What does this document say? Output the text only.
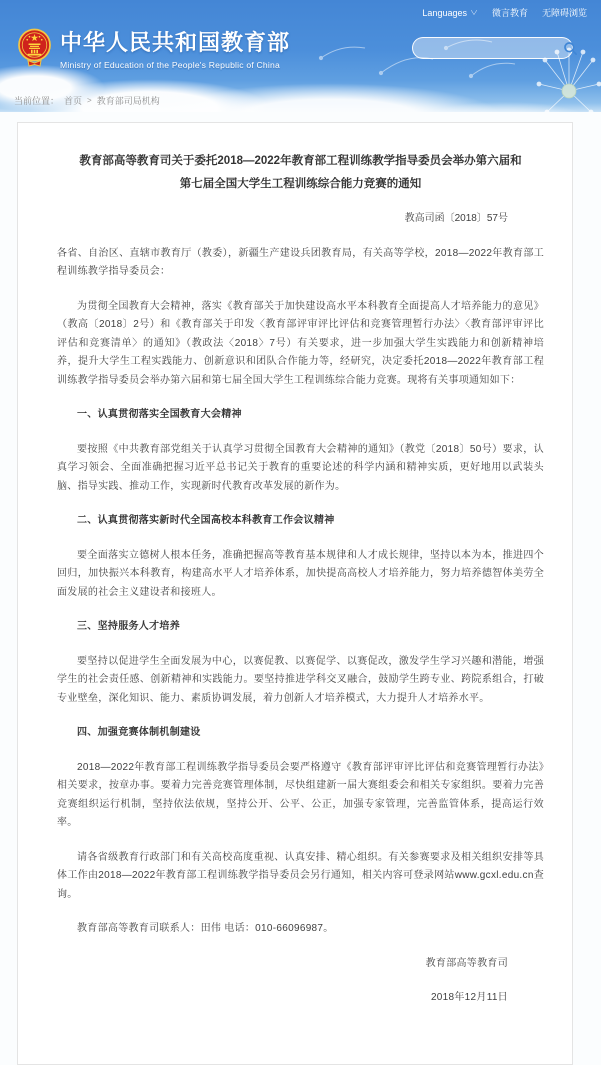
Languages ∨ 微言教育 无障碍浏览
中华人民共和国教育部
Ministry of Education of the People's Republic of China
当前位置： 首页 > 教育部司局机构
教育部高等教育司关于委托2018—2022年教育部工程训练教学指导委员会举办第六届和
第七届全国大学生工程训练综合能力竞赛的通知
教高司函〔2018〕57号

各省、自治区、直辖市教育厅（教委），新疆生产建设兵团教育局，有关高等学校，2018—2022年教育部工程训练教学指导委员会：

为贯彻全国教育大会精神，落实《教育部关于加快建设高水平本科教育全面提高人才培养能力的意见》（教高〔2018〕2号）和《教育部关于印发〈教育部评审评比评估和竞赛管理暂行办法〉〈教育部评审评比评估和竞赛清单〉的通知》（教政法〈2018〉7号）有关要求，进一步加强大学生实践能力和创新精神培养，提升大学生工程实践能力、创新意识和团队合作能力等，经研究，决定委托2018—2022年教育部工程训练教学指导委员会举办第六届和第七届全国大学生工程训练综合能力竞赛。现将有关事项通知如下：

一、认真贯彻落实全国教育大会精神

要按照《中共教育部党组关于认真学习贯彻全国教育大会精神的通知》（教党〔2018〕50号）要求，认真学习领会、全面准确把握习近平总书记关于教育的重要论述的科学内涵和精神实质，更好地用以武装头脑、指导实践、推动工作，实现新时代教育改革发展的新作为。

二、认真贯彻落实新时代全国高校本科教育工作会议精神

要全面落实立德树人根本任务，准确把握高等教育基本规律和人才成长规律，坚持以本为本，推进四个回归，加快振兴本科教育，构建高水平人才培养体系，加快提高高校人才培养能力，努力培养德智体美劳全面发展的社会主义建设者和接班人。

三、坚持服务人才培养

要坚持以促进学生全面发展为中心，以赛促教、以赛促学、以赛促改，激发学生学习兴趣和潜能，增强学生的社会责任感、创新精神和实践能力。要坚持推进学科交叉融合，鼓励学生跨专业、跨院系组合，打破专业壁垒，深化知识、能力、素质协调发展，着力创新人才培养模式，大力提升人才培养水平。

四、加强竞赛体制机制建设

2018—2022年教育部工程训练教学指导委员会要严格遵守《教育部评审评比评估和竞赛管理暂行办法》相关要求，按章办事。要着力完善竞赛管理体制，尽快组建新一届大赛组委会和相关专家组织。要着力完善竞赛组织运行机制，坚持依法依规，坚持公开、公平、公正，加强专家管理，完善监管体系，提高运行效率。

请各省级教育行政部门和有关高校高度重视、认真安排、精心组织。有关参赛要求及相关组织安排等具体工作由2018—2022年教育部工程训练教学指导委员会另行通知，相关内容可登录网站www.gcxl.edu.cn查询。

教育部高等教育司联系人：田伟 电话：010-66096987。

教育部高等教育司

2018年12月11日
